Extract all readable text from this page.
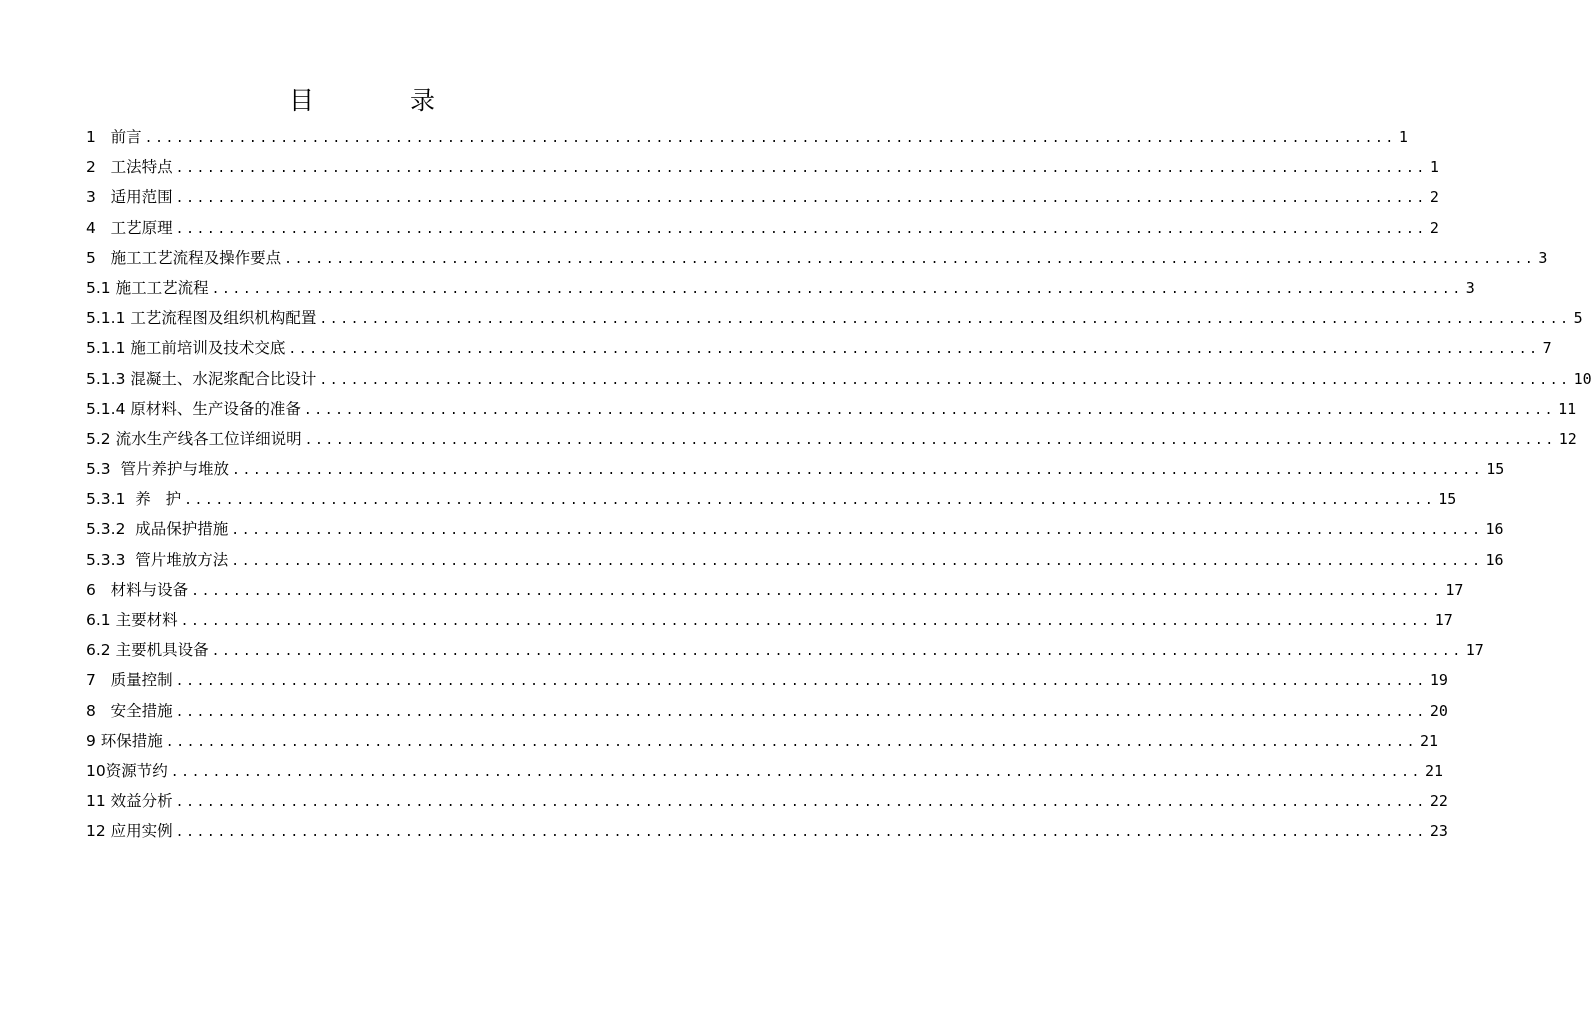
目 录
1   前言 ........................................................................................................................ 1
2   工法特点 ........................................................................................................................ 1
3   适用范围 ........................................................................................................................ 2
4   工艺原理 ........................................................................................................................ 2
5   施工工艺流程及操作要点 ........................................................................................................................ 3
5.1 施工工艺流程 ........................................................................................................................ 3
5.1.1 工艺流程图及组织机构配置 ........................................................................................................................ 5
5.1.1 施工前培训及技术交底 ........................................................................................................................ 7
5.1.3 混凝土、水泥浆配合比设计 ........................................................................................................................ 10
5.1.4 原材料、生产设备的准备 ........................................................................................................................ 11
5.2 流水生产线各工位详细说明 ........................................................................................................................ 12
5.3  管片养护与堆放 ........................................................................................................................ 15
5.3.1  养   护 ........................................................................................................................ 15
5.3.2  成品保护措施 ........................................................................................................................ 16
5.3.3  管片堆放方法 ........................................................................................................................ 16
6   材料与设备 ........................................................................................................................ 17
6.1 主要材料 ........................................................................................................................ 17
6.2 主要机具设备 ........................................................................................................................ 17
7   质量控制 ........................................................................................................................ 19
8   安全措施 ........................................................................................................................ 20
9 环保措施 ........................................................................................................................ 21
10资源节约 ........................................................................................................................ 21
11 效益分析 ........................................................................................................................ 22
12 应用实例 ........................................................................................................................ 23
